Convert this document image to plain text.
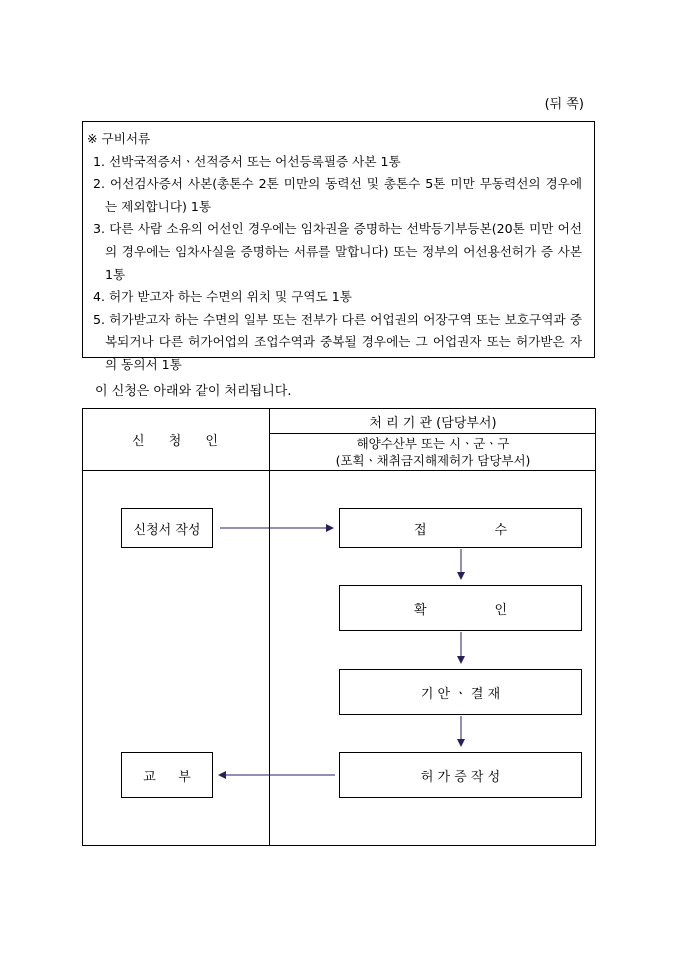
(뒤 쪽)
※ 구비서류
1. 선박국적증서ㆍ선적증서 또는 어선등록필증 사본 1통
2. 어선검사증서 사본(총톤수 2톤 미만의 동력선 및 총톤수 5톤 미만 무동력선의 경우에는 제외합니다) 1통
3. 다른 사람 소유의 어선인 경우에는 임차권을 증명하는 선박등기부등본(20톤 미만 어선의 경우에는 임차사실을 증명하는 서류를 말합니다) 또는 정부의 어선용선허가 증 사본 1통
4. 허가 받고자 하는 수면의 위치 및 구역도 1통
5. 허가받고자 하는 수면의 일부 또는 전부가 다른 어업권의 어장구역 또는 보호구역과 중복되거나 다른 허가어업의 조업수역과 중복될 경우에는 그 어업권자 또는 허가받은 자의 동의서 1통
이 신청은 아래와 같이 처리됩니다.
신 청 인
처 리 기 관 (담당부서)
해양수산부 또는 시ㆍ군ㆍ구
(포획ㆍ채취금지해제허가 담당부서)
신청서 작성
교 부
접	수
확	인
기 안 ㆍ 결 재
허 가 증 작 성
